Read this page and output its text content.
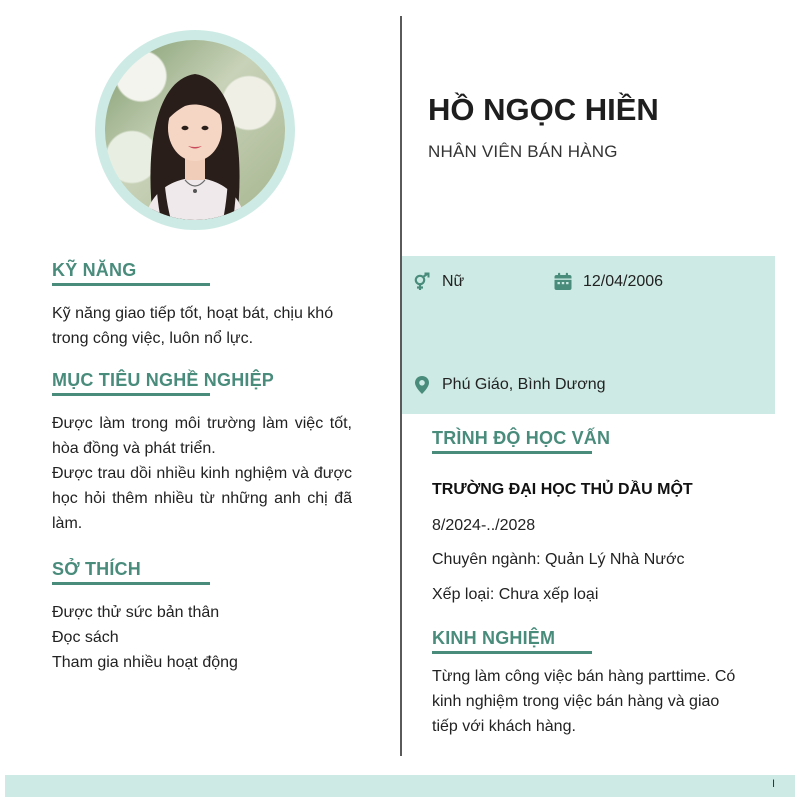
KỸ NĂNG
Kỹ năng giao tiếp tốt, hoạt bát, chịu khó trong công việc, luôn nổ lực.
MỤC TIÊU NGHỀ NGHIỆP
Được làm trong môi trường làm việc tốt, hòa đồng và phát triển.
Được trau dồi nhiều kinh nghiệm và được học hỏi thêm nhiều từ những anh chị đã làm.
SỞ THÍCH
Được thử sức bản thân
Đọc sách
Tham gia nhiều hoạt động
HỒ NGỌC HIỀN
NHÂN VIÊN BÁN HÀNG
Nữ	12/04/2006
Phú Giáo, Bình Dương
TRÌNH ĐỘ HỌC VẤN
TRƯỜNG ĐẠI HỌC THỦ DẦU MỘT
8/2024-../2028
Chuyên ngành: Quản Lý Nhà Nước
Xếp loại: Chưa xếp loại
KINH NGHIỆM
Từng làm công việc bán hàng parttime. Có kinh nghiệm trong việc bán hàng và giao tiếp với khách hàng.
I
